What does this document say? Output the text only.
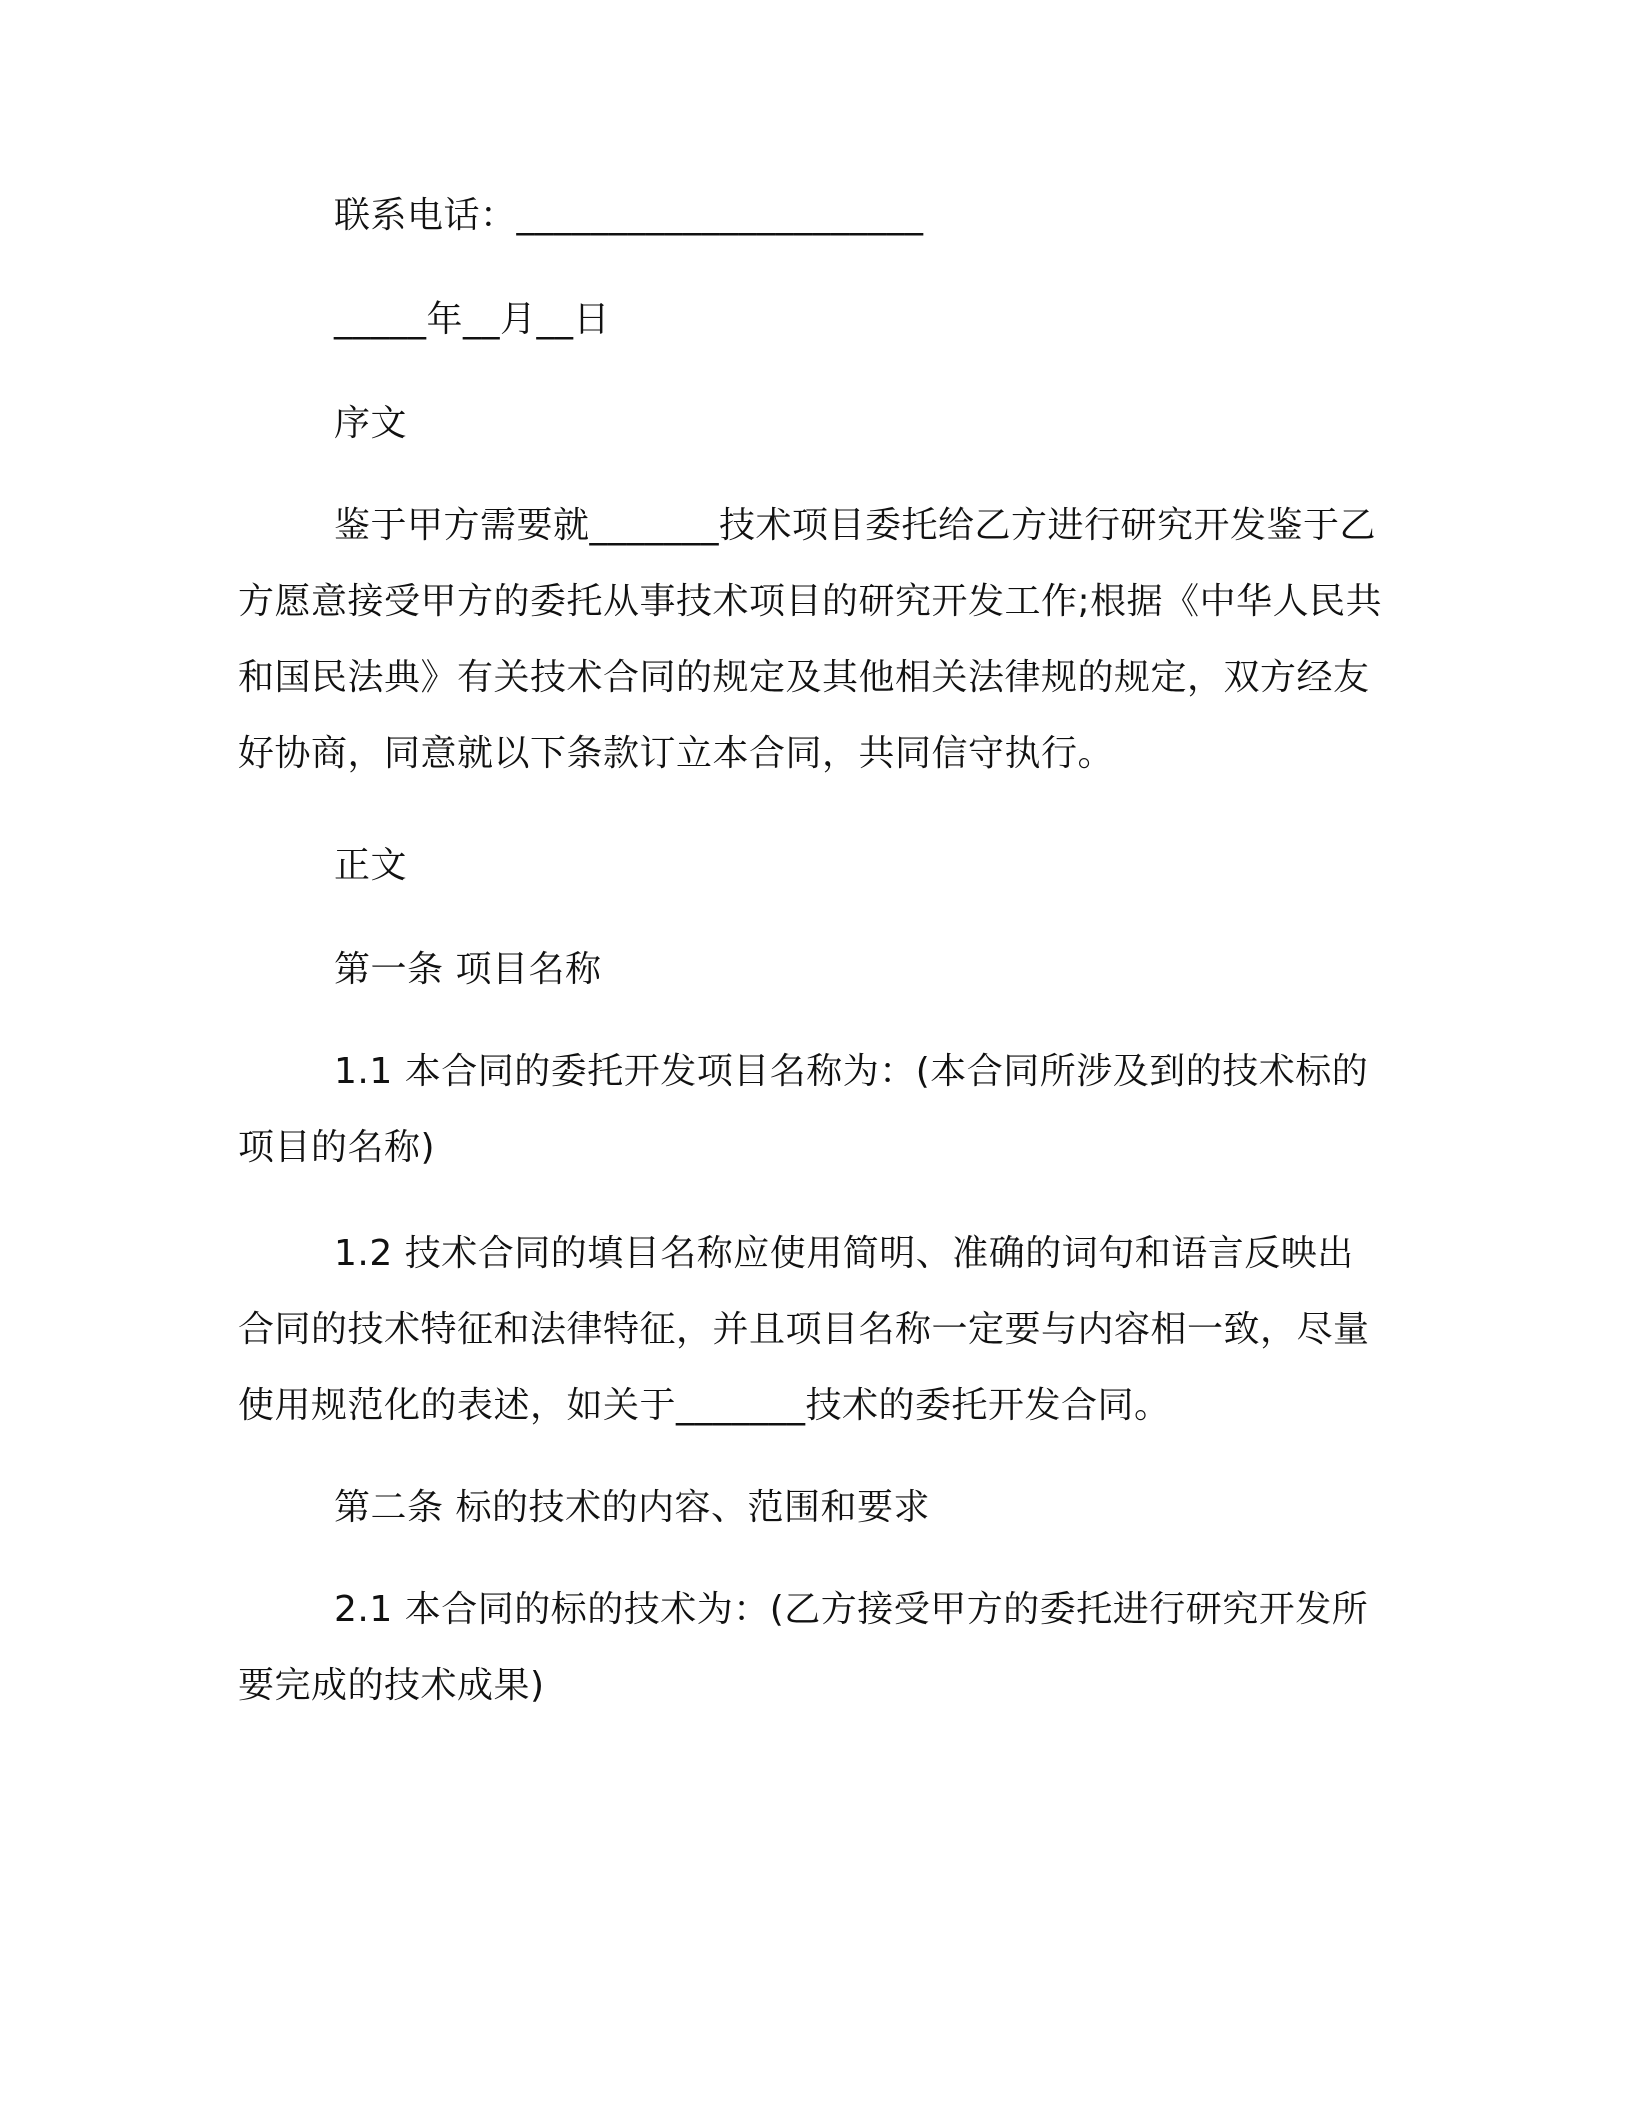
联系电话：______________________
_____年__月__日
序文
鉴于甲方需要就_______技术项目委托给乙方进行研究开发鉴于乙方愿意接受甲方的委托从事技术项目的研究开发工作;根据《中华人民共和国民法典》有关技术合同的规定及其他相关法律规的规定，双方经友好协商，同意就以下条款订立本合同，共同信守执行。
正文
第一条 项目名称
1.1 本合同的委托开发项目名称为：(本合同所涉及到的技术标的项目的名称)
1.2 技术合同的填目名称应使用简明、准确的词句和语言反映出合同的技术特征和法律特征，并且项目名称一定要与内容相一致，尽量使用规范化的表述，如关于_______技术的委托开发合同。
第二条 标的技术的内容、范围和要求
2.1 本合同的标的技术为：(乙方接受甲方的委托进行研究开发所要完成的技术成果)
